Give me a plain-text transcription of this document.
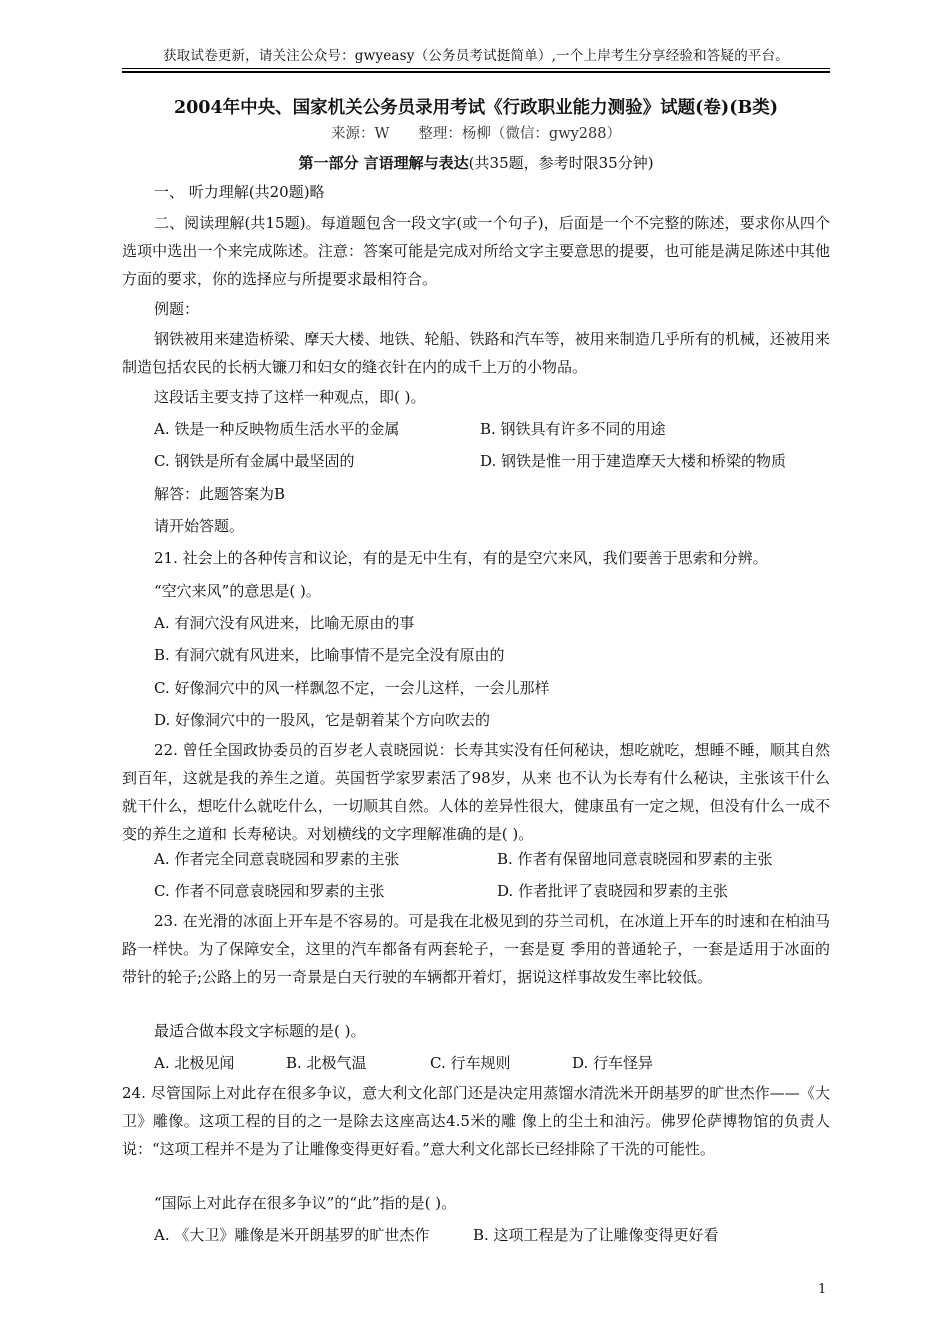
获取试卷更新，请关注公众号：gwyeasy（公务员考试挺简单）,一个上岸考生分享经验和答疑的平台。
2004年中央、国家机关公务员录用考试《行政职业能力测验》试题(卷)(B类)
来源：W　　整理：杨柳（微信：gwy288）
第一部分 言语理解与表达(共35题，参考时限35分钟)
一、 听力理解(共20题)略
二、阅读理解(共15题)。每道题包含一段文字(或一个句子)，后面是一个不完整的陈述，要求你从四个选项中选出一个来完成陈述。注意：答案可能是完成对所给文字主要意思的提要，也可能是满足陈述中其他方面的要求，你的选择应与所提要求最相符合。
例题：
钢铁被用来建造桥梁、摩天大楼、地铁、轮船、铁路和汽车等，被用来制造几乎所有的机械，还被用来制造包括农民的长柄大镰刀和妇女的缝衣针在内的成千上万的小物品。
这段话主要支持了这样一种观点，即( )。
A. 铁是一种反映物质生活水平的金属	B. 钢铁具有许多不同的用途
C. 钢铁是所有金属中最坚固的	D. 钢铁是惟一用于建造摩天大楼和桥梁的物质
解答：此题答案为B
请开始答题。
21. 社会上的各种传言和议论，有的是无中生有，有的是空穴来风，我们要善于思索和分辨。
“空穴来风”的意思是( )。
A. 有洞穴没有风进来，比喻无原由的事
B. 有洞穴就有风进来，比喻事情不是完全没有原由的
C. 好像洞穴中的风一样飘忽不定，一会儿这样，一会儿那样
D. 好像洞穴中的一股风，它是朝着某个方向吹去的
22. 曾任全国政协委员的百岁老人袁晓园说：长寿其实没有任何秘诀，想吃就吃，想睡不睡，顺其自然到百年，这就是我的养生之道。英国哲学家罗素活了98岁，从来 也不认为长寿有什么秘诀，主张该干什么就干什么，想吃什么就吃什么，一切顺其自然。人体的差异性很大，健康虽有一定之规，但没有什么一成不变的养生之道和 长寿秘诀。对划横线的文字理解准确的是( )。
A. 作者完全同意袁晓园和罗素的主张	B. 作者有保留地同意袁晓园和罗素的主张
C. 作者不同意袁晓园和罗素的主张	D. 作者批评了袁晓园和罗素的主张
23. 在光滑的冰面上开车是不容易的。可是我在北极见到的芬兰司机，在冰道上开车的时速和在柏油马路一样快。为了保障安全，这里的汽车都备有两套轮子，一套是夏 季用的普通轮子，一套是适用于冰面的带针的轮子;公路上的另一奇景是白天行驶的车辆都开着灯，据说这样事故发生率比较低。
最适合做本段文字标题的是( )。
A. 北极见闻	B. 北极气温	C. 行车规则	D. 行车怪异
24. 尽管国际上对此存在很多争议，意大利文化部门还是决定用蒸馏水清洗米开朗基罗的旷世杰作——《大卫》雕像。这项工程的目的之一是除去这座高达4.5米的雕 像上的尘土和油污。佛罗伦萨博物馆的负责人说：“这项工程并不是为了让雕像变得更好看。”意大利文化部长已经排除了干洗的可能性。
“国际上对此存在很多争议”的“此”指的是( )。
A. 《大卫》雕像是米开朗基罗的旷世杰作	B. 这项工程是为了让雕像变得更好看
1
